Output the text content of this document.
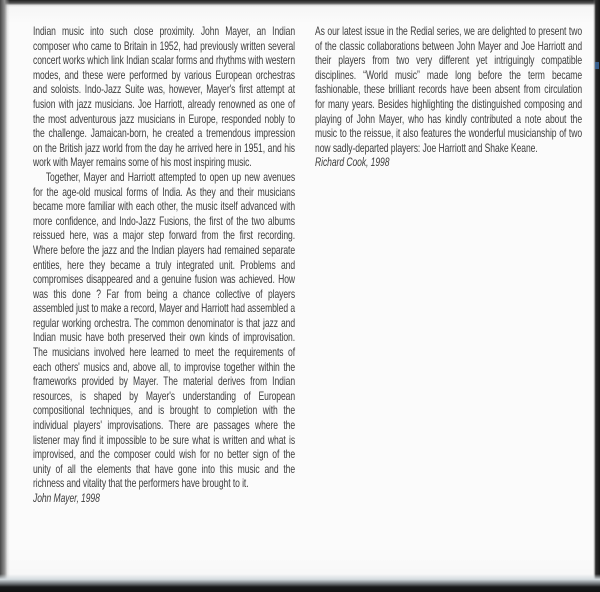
Indian music into such close proximity. John Mayer, an Indian composer who came to Britain in 1952, had previously written several concert works which link Indian scalar forms and rhythms with western modes, and these were performed by various European orchestras and soloists. Indo-Jazz Suite was, however, Mayer's first attempt at fusion with jazz musicians. Joe Harriott, already renowned as one of the most adventurous jazz musicians in Europe, responded nobly to the challenge. Jamaican-born, he created a tremendous impression on the British jazz world from the day he arrived here in 1951, and his work with Mayer remains some of his most inspiring music.

Together, Mayer and Harriott attempted to open up new avenues for the age-old musical forms of India. As they and their musicians became more familiar with each other, the music itself advanced with more confidence, and Indo-Jazz Fusions, the first of the two albums reissued here, was a major step forward from the first recording. Where before the jazz and the Indian players had remained separate entities, here they became a truly integrated unit. Problems and compromises disappeared and a genuine fusion was achieved. How was this done ? Far from being a chance collective of players assembled just to make a record, Mayer and Harriott had assembled a regular working orchestra. The common denominator is that jazz and Indian music have both preserved their own kinds of improvisation. The musicians involved here learned to meet the requirements of each others' musics and, above all, to improvise together within the frameworks provided by Mayer. The material derives from Indian resources, is shaped by Mayer's understanding of European compositional techniques, and is brought to completion with the individual players' improvisations. There are passages where the listener may find it impossible to be sure what is written and what is improvised, and the composer could wish for no better sign of the unity of all the elements that have gone into this music and the richness and vitality that the performers have brought to it.

John Mayer, 1998

As our latest issue in the Redial series, we are delighted to present two of the classic collaborations between John Mayer and Joe Harriott and their players from two very different yet intriguingly compatible disciplines. “World music” made long before the term became fashionable, these brilliant records have been absent from circulation for many years. Besides highlighting the distinguished composing and playing of John Mayer, who has kindly contributed a note about the music to the reissue, it also features the wonderful musicianship of two now sadly-departed players: Joe Harriott and Shake Keane.

Richard Cook, 1998
